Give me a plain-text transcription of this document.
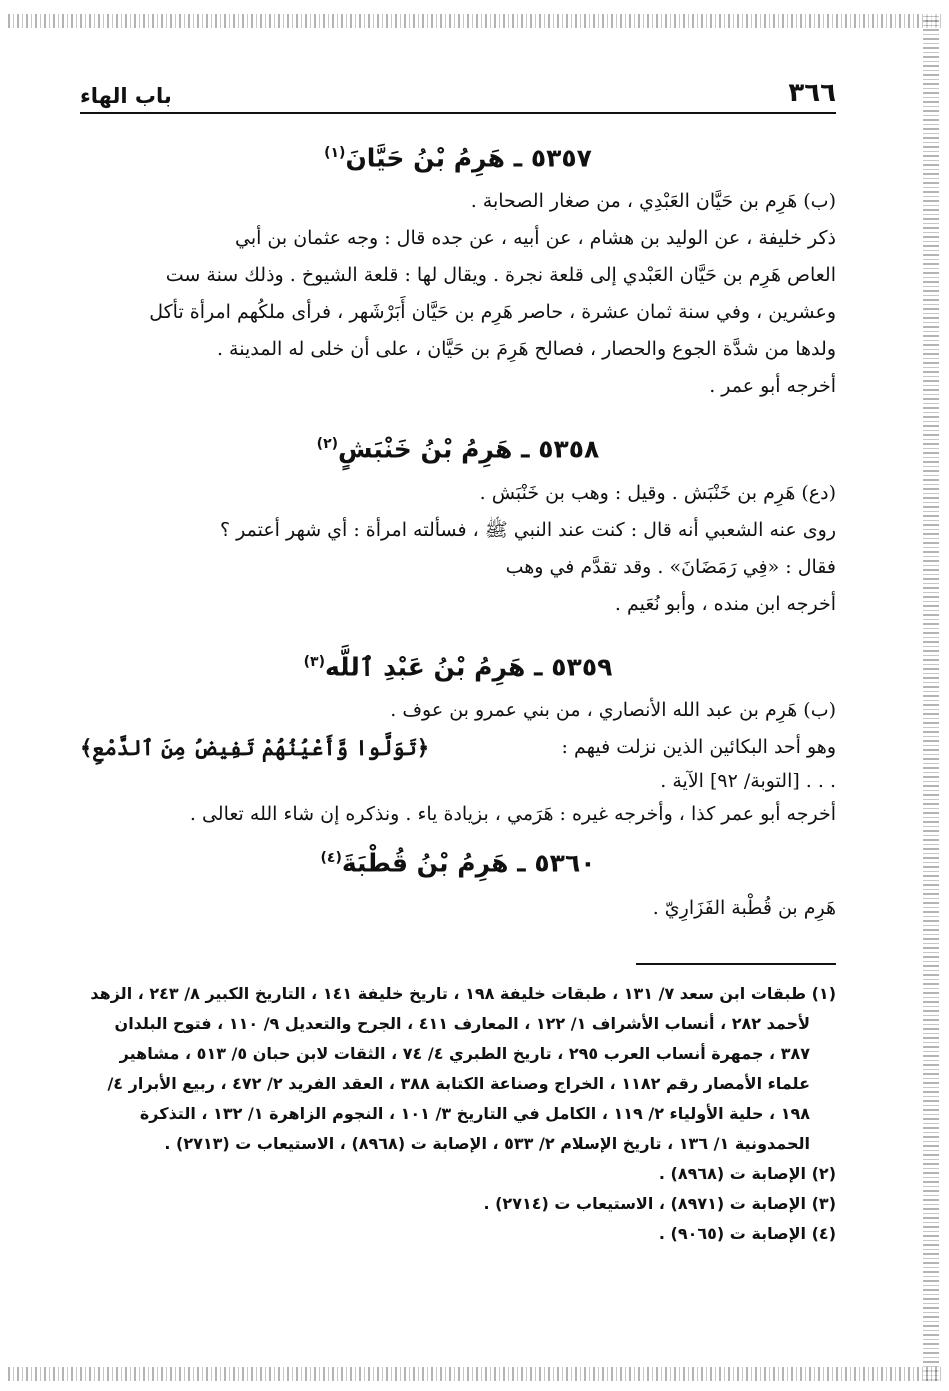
٣٦٦
باب الهاء
٥٣٥٧ ـ هَرِمُ بْنُ حَيَّانَ$^{(١)}$

(ب) هَرِم بن حَيَّان العَبْدِي ، من صغار الصحابة .

ذكر خليفة ، عن الوليد بن هشام ، عن أبيه ، عن جده قال : وجه عثمان بن أبي

العاص هَرِم بن حَيَّان العَبْدي إلى قلعة نجرة . ويقال لها : قلعة الشيوخ . وذلك سنة ست

وعشرين ، وفي سنة ثمان عشرة ، حاصر هَرِم بن حَيَّان أَبَرْشَهر ، فرأى ملكُهم امرأة تأكل

ولدها من شدَّة الجوع والحصار ، فصالح هَرِمَ بن حَيَّان ، على أن خلى له المدينة .

أخرجه أبو عمر .

٥٣٥٨ ـ هَرِمُ بْنُ خَنْبَشٍ$^{(٢)}$

(دع) هَرِم بن خَنْبَش . وقيل : وهب بن خَنْبَش .

روى عنه الشعبي أنه قال : كنت عند النبي ﷺ ، فسألته امرأة : أي شهر أعتمر ؟

فقال : «فِي رَمَضَانَ» . وقد تقدَّم في وهب

أخرجه ابن منده ، وأبو نُعَيم .

٥٣٥٩ ـ هَرِمُ بْنُ عَبْدِ ٱللَّه$^{(٣)}$

(ب) هَرِم بن عبد الله الأنصاري ، من بني عمرو بن عوف .

وهو أحد البكائين الذين نزلت فيهم :
﴿تَوَلَّوا وَّأَعْيُنُهُمْ تَفِيضُ مِنَ ٱلدَّمْعِ﴾

. . . [التوبة/ ٩٢] الآية .

أخرجه أبو عمر كذا ، وأخرجه غيره : هَرَمي ، بزيادة ياء . ونذكره إن شاء الله تعالى .

٥٣٦٠ ـ هَرِمُ بْنُ قُطْبَةَ$^{(٤)}$

هَرِم بن قُطْبة الفَزَارِيّ .

(١) طبقات ابن سعد ٧/ ١٣١ ، طبقات خليفة ١٩٨ ، تاريخ خليفة ١٤١ ، التاريخ الكبير ٨/ ٢٤٣ ، الزهد

لأحمد ٢٨٢ ، أنساب الأشراف ١/ ١٢٢ ، المعارف ٤١١ ، الجرح والتعديل ٩/ ١١٠ ، فتوح البلدان

٣٨٧ ، جمهرة أنساب العرب ٢٩٥ ، تاريخ الطبري ٤/ ٧٤ ، الثقات لابن حبان ٥/ ٥١٣ ، مشاهير

علماء الأمصار رقم ١١٨٢ ، الخراج وصناعة الكتابة ٣٨٨ ، العقد الفريد ٢/ ٤٧٢ ، ربيع الأبرار ٤/

١٩٨ ، حلية الأولياء ٢/ ١١٩ ، الكامل في التاريخ ٣/ ١٠١ ، النجوم الزاهرة ١/ ١٣٢ ، التذكرة

الحمدونية ١/ ١٣٦ ، تاريخ الإسلام ٢/ ٥٣٣ ، الإصابة ت (٨٩٦٨) ، الاستيعاب ت (٢٧١٣) .

(٢) الإصابة ت (٨٩٦٨) .

(٣) الإصابة ت (٨٩٧١) ، الاستيعاب ت (٢٧١٤) .

(٤) الإصابة ت (٩٠٦٥) .
